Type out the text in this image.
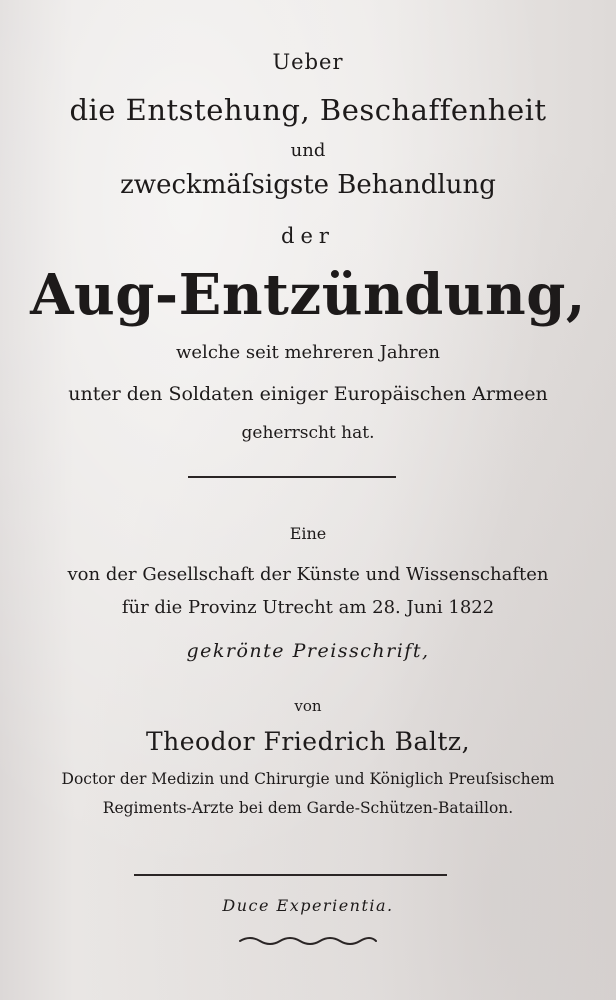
Ueber

die Entstehung, Beschaffenheit

und

zweckmäſsigste Behandlung

der

Aug-Entzündung,

welche seit mehreren Jahren

unter den Soldaten einiger Europäischen Armeen

geherrscht hat.

Eine

von der Gesellschaft der Künste und Wissenschaften

für die Provinz Utrecht am 28. Juni 1822

gekrönte Preisschrift,

von

Theodor Friedrich Baltz,

Doctor der Medizin und Chirurgie und Königlich Preuſsischem

Regiments-Arzte bei dem Garde-Schützen-Bataillon.

Duce Experientia.
